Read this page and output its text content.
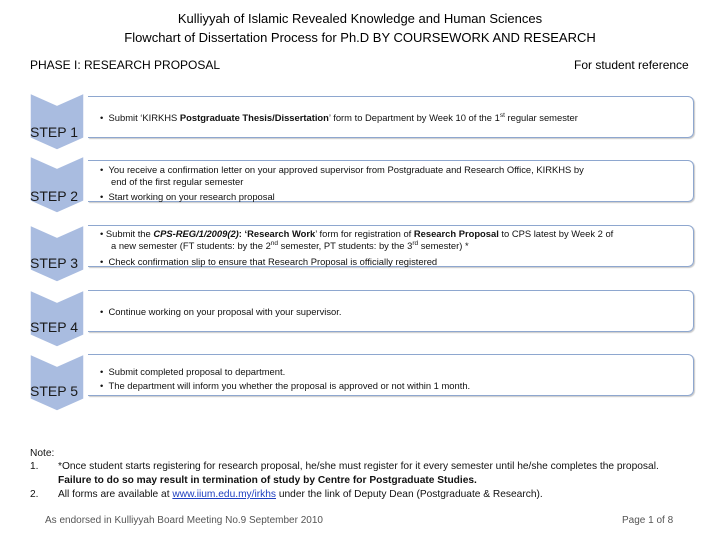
Kulliyyah of Islamic Revealed Knowledge and Human Sciences
Flowchart of Dissertation Process for Ph.D BY COURSEWORK AND RESEARCH
PHASE I: RESEARCH PROPOSAL	For student reference
STEP 1
STEP 2
STEP 3
STEP 4
STEP 5
• Submit ‘KIRKHS Postgraduate Thesis/Dissertation’ form to Department by Week 10 of the 1st regular semester
• You receive a confirmation letter on your approved supervisor from Postgraduate and Research Office, KIRKHS by
end of the first regular semester
• Start working on your research proposal
• Submit the CPS-REG/1/2009(2): ‘Research Work’ form for registration of Research Proposal to CPS latest by Week 2 of
a new semester (FT students: by the 2nd semester, PT students: by the 3rd semester) *
• Check confirmation slip to ensure that Research Proposal is officially registered
• Continue working on your proposal with your supervisor.
• Submit completed proposal to department.
• The department will inform you whether the proposal is approved or not within 1 month.
Note:
1. *Once student starts registering for research proposal, he/she must register for it every semester until he/she completes the proposal.
Failure to do so may result in termination of study by Centre for Postgraduate Studies.
2. All forms are available at www.iium.edu.my/irkhs under the link of Deputy Dean (Postgraduate & Research).
As endorsed in Kulliyyah Board Meeting No.9 September 2010	Page 1 of 8
